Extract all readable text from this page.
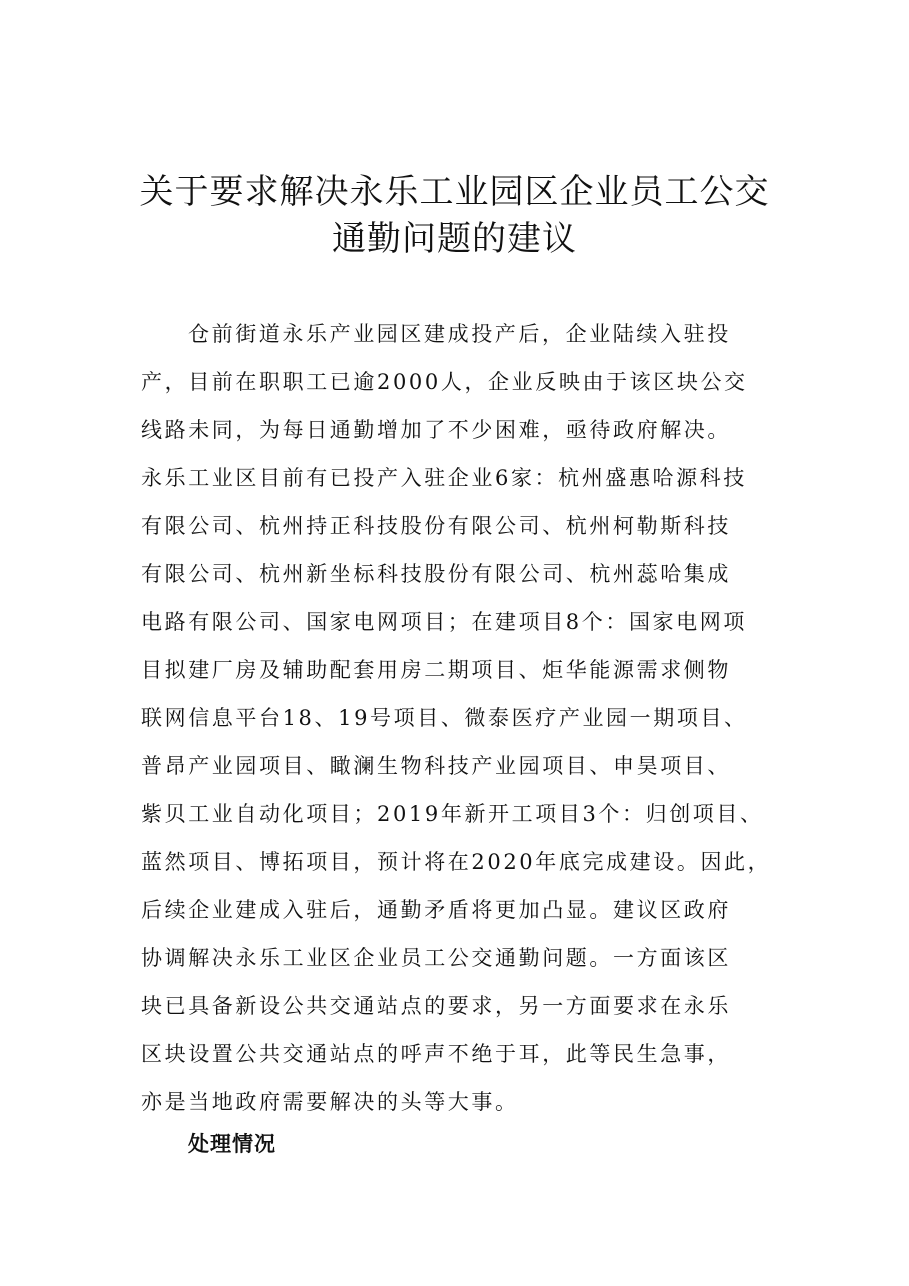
关于要求解决永乐工业园区企业员工公交
通勤问题的建议

仓前街道永乐产业园区建成投产后，企业陆续入驻投

产，目前在职职工已逾2000人，企业反映由于该区块公交

线路未同，为每日通勤增加了不少困难，亟待政府解决。

永乐工业区目前有已投产入驻企业6家：杭州盛惠哈源科技

有限公司、杭州持正科技股份有限公司、杭州柯勒斯科技

有限公司、杭州新坐标科技股份有限公司、杭州蕊哈集成

电路有限公司、国家电网项目；在建项目8个：国家电网项

目拟建厂房及辅助配套用房二期项目、炬华能源需求侧物

联网信息平台18、19号项目、微泰医疗产业园一期项目、

普昂产业园项目、瞰澜生物科技产业园项目、申昊项目、

紫贝工业自动化项目；2019年新开工项目3个：归创项目、

蓝然项目、博拓项目，预计将在2020年底完成建设。因此，

后续企业建成入驻后，通勤矛盾将更加凸显。建议区政府

协调解决永乐工业区企业员工公交通勤问题。一方面该区

块已具备新设公共交通站点的要求，另一方面要求在永乐

区块设置公共交通站点的呼声不绝于耳，此等民生急事，

亦是当地政府需要解决的头等大事。

处理情况
